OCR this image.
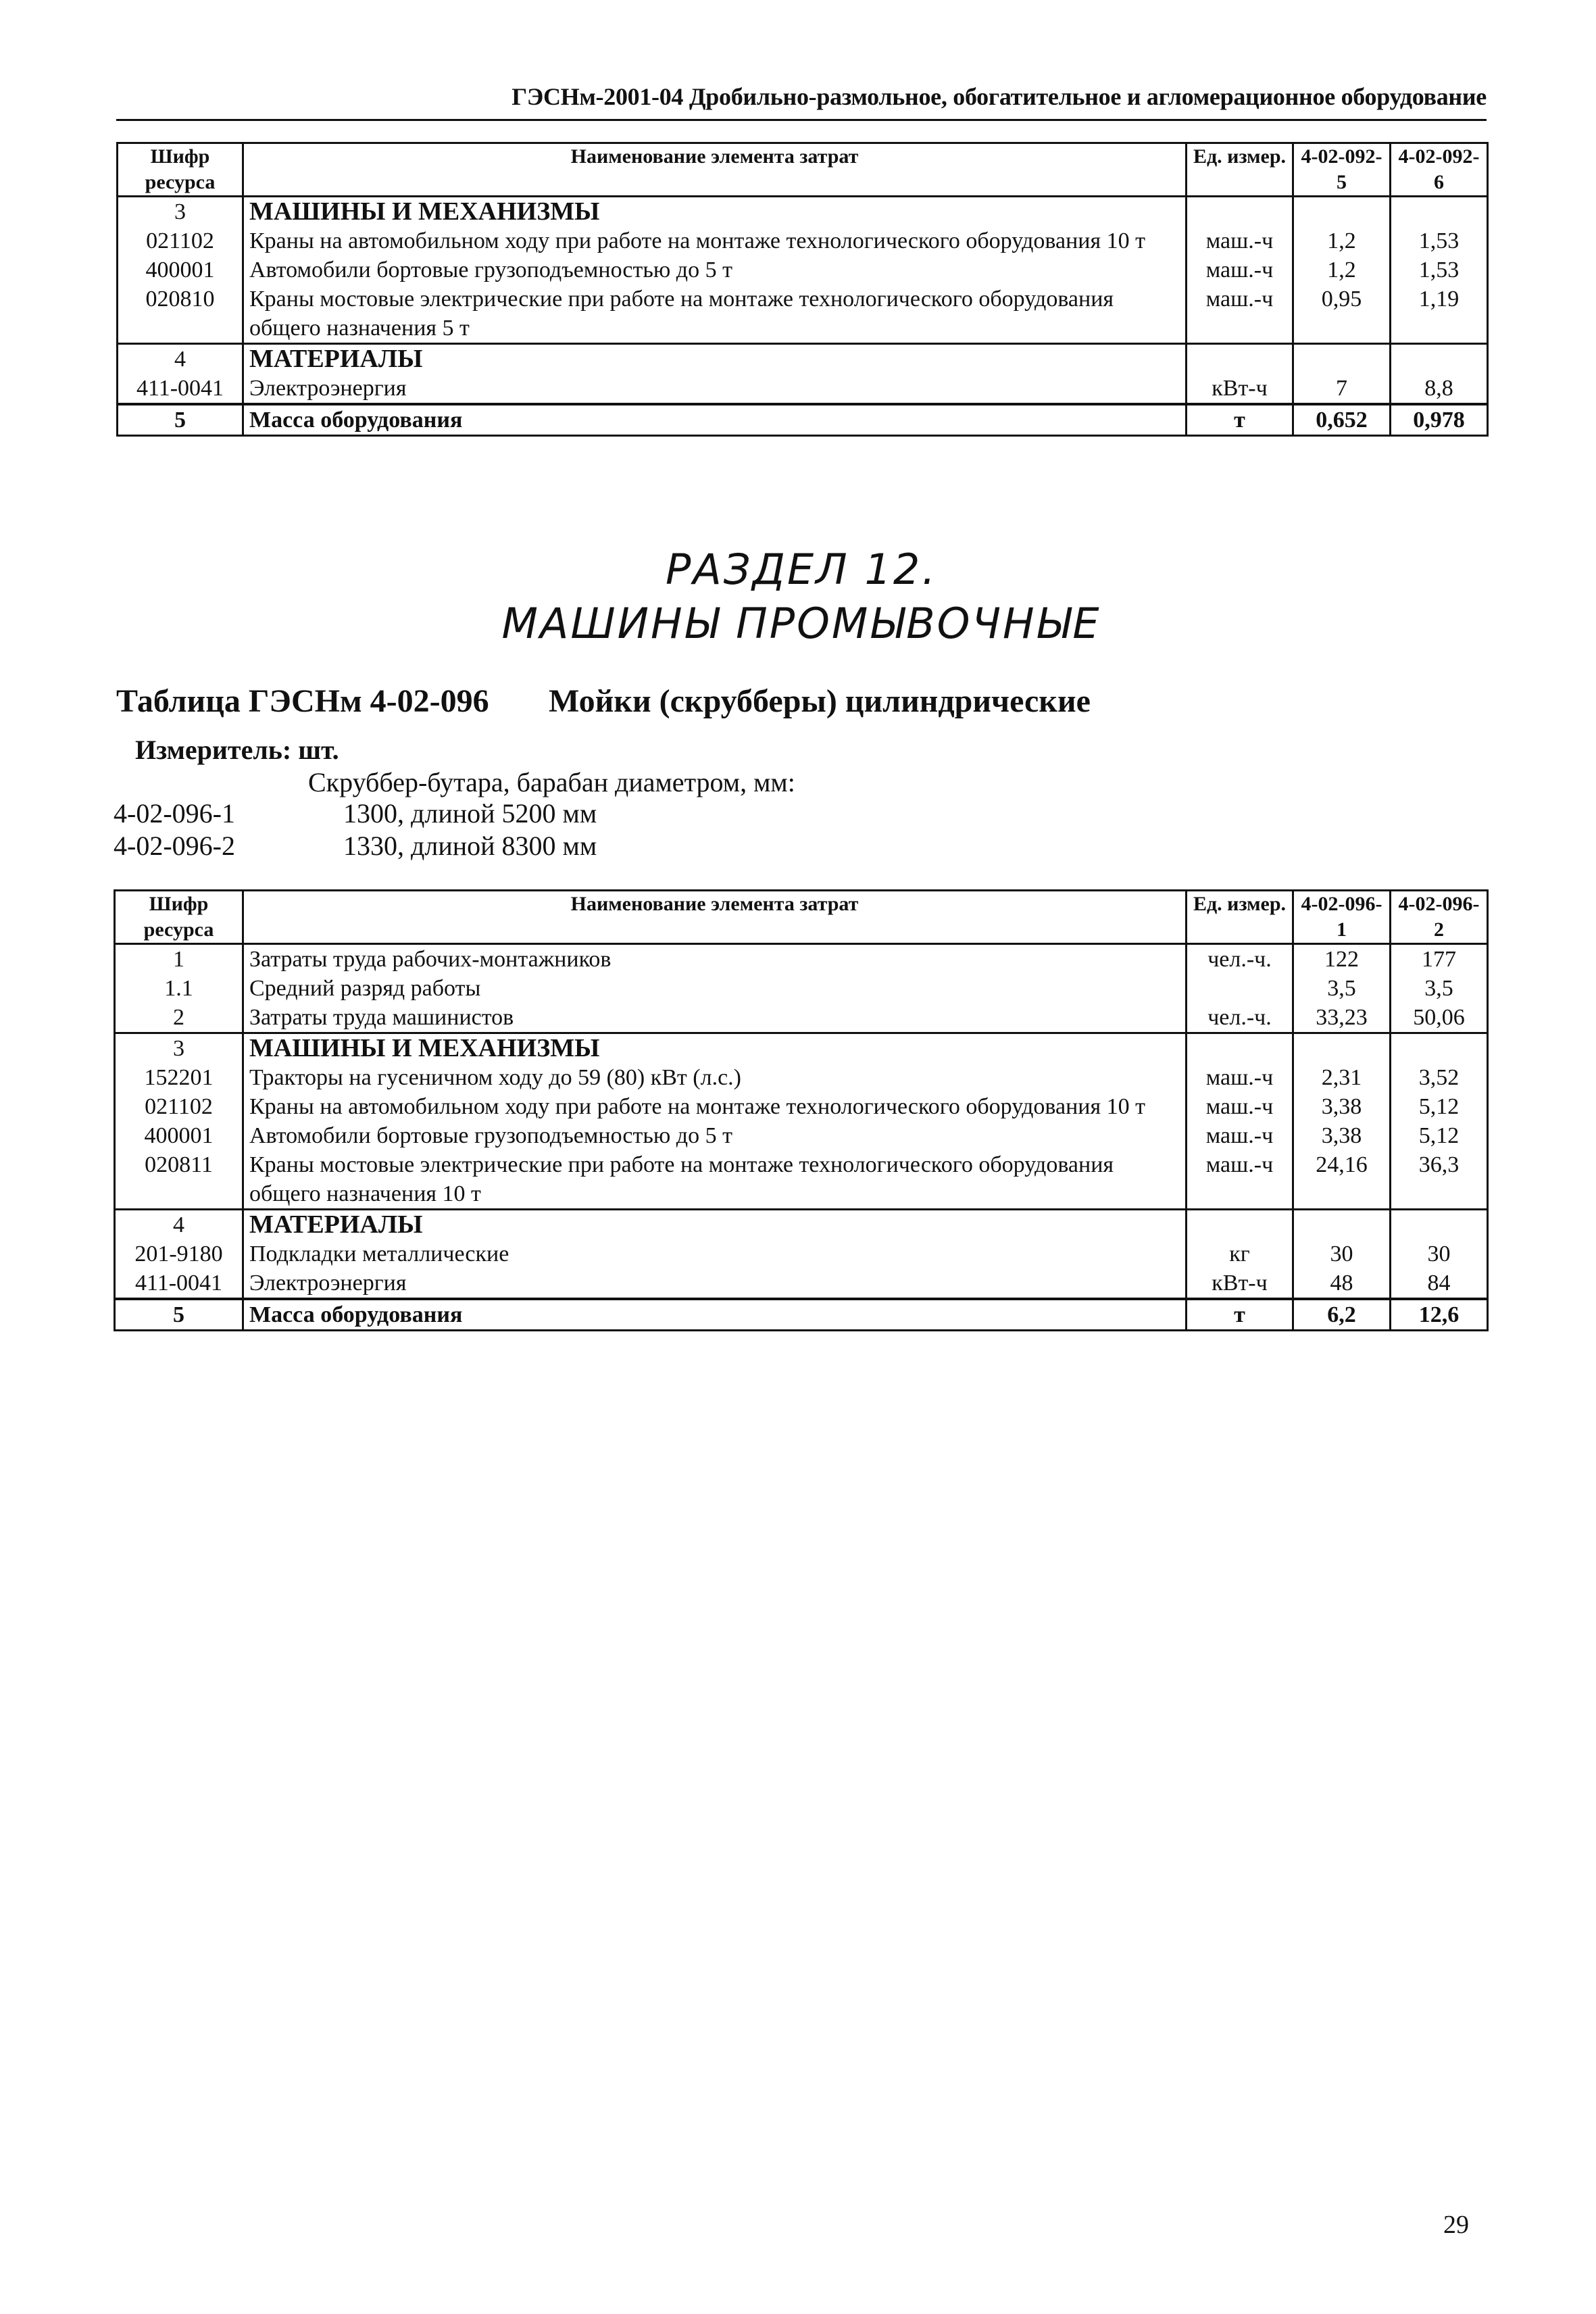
ГЭСНм-2001-04 Дробильно-размольное, обогатительное и агломерационное оборудование
Шифр ресурса	Наименование элемента затрат	Ед. измер.	4-02-092-5	4-02-092-6
3	МАШИНЫ И МЕХАНИЗМЫ			
021102	Краны на автомобильном ходу при работе на монтаже технологического оборудования 10 т	маш.-ч	1,2	1,53
400001	Автомобили бортовые грузоподъемностью до 5 т	маш.-ч	1,2	1,53
020810	Краны мостовые электрические при работе на монтаже технологического оборудования общего назначения 5 т	маш.-ч	0,95	1,19
4	МАТЕРИАЛЫ			
411-0041	Электроэнергия	кВт-ч	7	8,8
5	Масса оборудования	т	0,652	0,978
РАЗДЕЛ 12.
МАШИНЫ ПРОМЫВОЧНЫЕ
Таблица ГЭСНм 4-02-096 Мойки (скрубберы) цилиндрические
Измеритель: шт.
Скруббер-бутара, барабан диаметром, мм:
4-02-096-1	1300, длиной 5200 мм
4-02-096-2	1330, длиной 8300 мм
Шифр ресурса	Наименование элемента затрат	Ед. измер.	4-02-096-1	4-02-096-2
1	Затраты труда рабочих-монтажников	чел.-ч.	122	177
1.1	Средний разряд работы		3,5	3,5
2	Затраты труда машинистов	чел.-ч.	33,23	50,06
3	МАШИНЫ И МЕХАНИЗМЫ			
152201	Тракторы на гусеничном ходу до 59 (80) кВт (л.с.)	маш.-ч	2,31	3,52
021102	Краны на автомобильном ходу при работе на монтаже технологического оборудования 10 т	маш.-ч	3,38	5,12
400001	Автомобили бортовые грузоподъемностью до 5 т	маш.-ч	3,38	5,12
020811	Краны мостовые электрические при работе на монтаже технологического оборудования общего назначения 10 т	маш.-ч	24,16	36,3
4	МАТЕРИАЛЫ			
201-9180	Подкладки металлические	кг	30	30
411-0041	Электроэнергия	кВт-ч	48	84
5	Масса оборудования	т	6,2	12,6
29
